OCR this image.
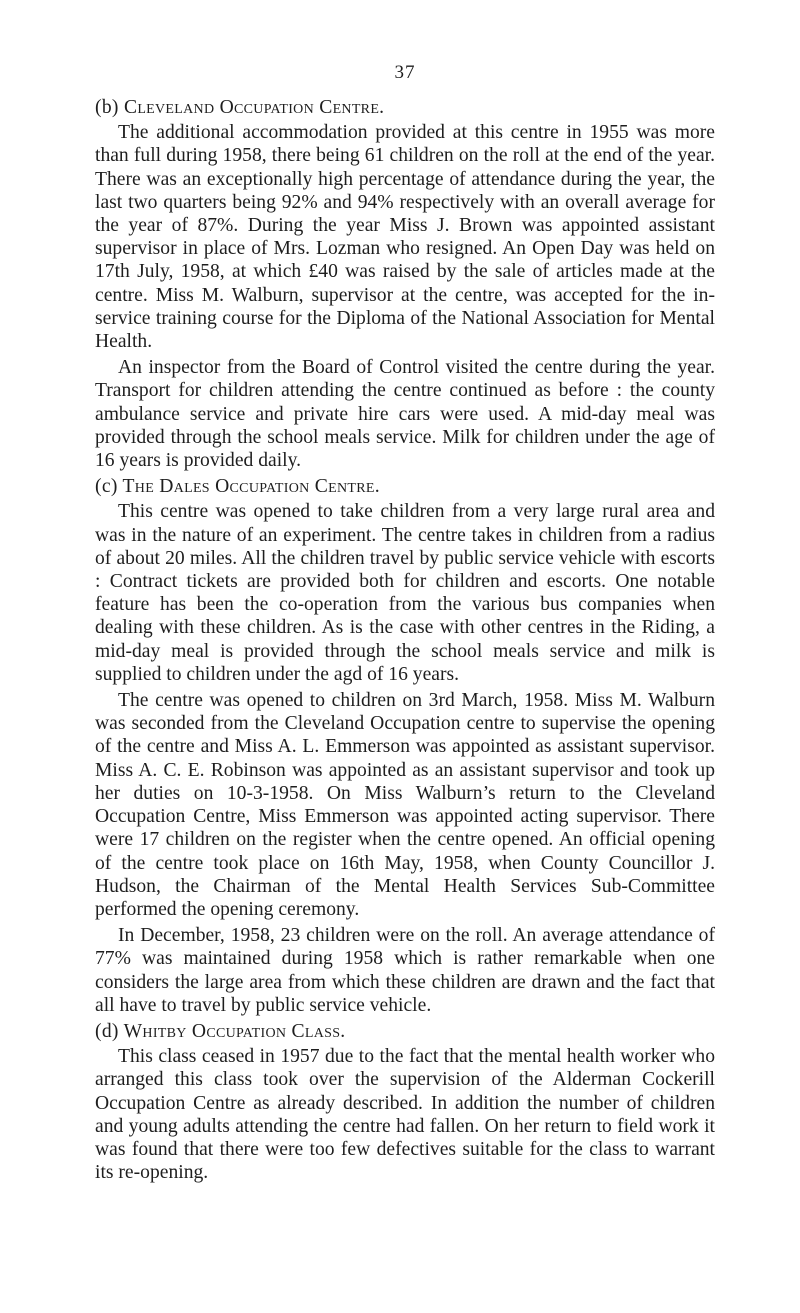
37
(b) Cleveland Occupation Centre.

The additional accommodation provided at this centre in 1955 was more than full during 1958, there being 61 children on the roll at the end of the year. There was an exceptionally high percentage of attendance during the year, the last two quarters being 92% and 94% respectively with an overall average for the year of 87%. During the year Miss J. Brown was appointed assistant supervisor in place of Mrs. Lozman who resigned. An Open Day was held on 17th July, 1958, at which £40 was raised by the sale of articles made at the centre. Miss M. Walburn, supervisor at the centre, was accepted for the in-service training course for the Diploma of the National Association for Mental Health.

An inspector from the Board of Control visited the centre during the year. Transport for children attending the centre continued as before : the county ambulance service and private hire cars were used. A mid-day meal was provided through the school meals service. Milk for children under the age of 16 years is provided daily.

(c) The Dales Occupation Centre.

This centre was opened to take children from a very large rural area and was in the nature of an experiment. The centre takes in children from a radius of about 20 miles. All the children travel by public service vehicle with escorts : Contract tickets are provided both for children and escorts. One notable feature has been the co-operation from the various bus companies when dealing with these children. As is the case with other centres in the Riding, a mid-day meal is provided through the school meals service and milk is supplied to children under the agd of 16 years.

The centre was opened to children on 3rd March, 1958. Miss M. Walburn was seconded from the Cleveland Occupation centre to supervise the opening of the centre and Miss A. L. Emmerson was appointed as assistant supervisor. Miss A. C. E. Robinson was appointed as an assistant supervisor and took up her duties on 10-3-1958. On Miss Walburn’s return to the Cleveland Occupation Centre, Miss Emmerson was appointed acting supervisor. There were 17 children on the register when the centre opened. An official opening of the centre took place on 16th May, 1958, when County Councillor J. Hudson, the Chairman of the Mental Health Services Sub-Committee performed the opening ceremony.

In December, 1958, 23 children were on the roll. An average attendance of 77% was maintained during 1958 which is rather remarkable when one considers the large area from which these children are drawn and the fact that all have to travel by public service vehicle.

(d) Whitby Occupation Class.

This class ceased in 1957 due to the fact that the mental health worker who arranged this class took over the supervision of the Alderman Cockerill Occupation Centre as already described. In addition the number of children and young adults attending the centre had fallen. On her return to field work it was found that there were too few defectives suitable for the class to warrant its re-opening.
